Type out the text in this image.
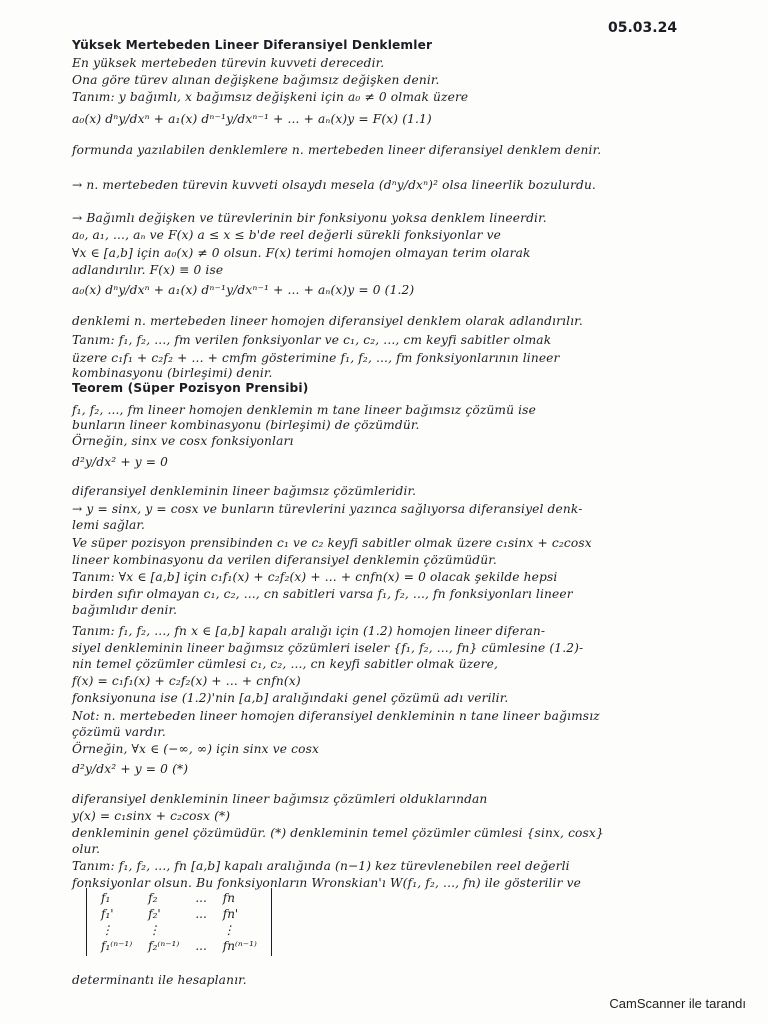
05.03.24
Yüksek Mertebeden Lineer Diferansiyel Denklemler
En yüksek mertebeden türevin kuvveti derecedir.
Ona göre türev alınan değişkene bağımsız değişken denir.
Tanım: y bağımlı, x bağımsız değişkeni için a₀ ≠ 0 olmak üzere
a₀(x) dⁿy/dxⁿ + a₁(x) dⁿ⁻¹y/dxⁿ⁻¹ + ... + aₙ(x)y = F(x) (1.1)
formunda yazılabilen denklemlere n. mertebeden lineer diferansiyel denklem denir.
→ n. mertebeden türevin kuvveti olsaydı mesela (dⁿy/dxⁿ)² olsa lineerlik bozulurdu.
→ Bağımlı değişken ve türevlerinin bir fonksiyonu yoksa denklem lineerdir.
a₀, a₁, ..., aₙ ve F(x) a ≤ x ≤ b'de reel değerli sürekli fonksiyonlar ve
∀x ∈ [a,b] için a₀(x) ≠ 0 olsun. F(x) terimi homojen olmayan terim olarak
adlandırılır. F(x) ≡ 0 ise
a₀(x) dⁿy/dxⁿ + a₁(x) dⁿ⁻¹y/dxⁿ⁻¹ + ... + aₙ(x)y = 0 (1.2)
denklemi n. mertebeden lineer homojen diferansiyel denklem olarak adlandırılır.
Tanım: f₁, f₂, ..., fm verilen fonksiyonlar ve c₁, c₂, ..., cm keyfi sabitler olmak
üzere c₁f₁ + c₂f₂ + ... + cmfm gösterimine f₁, f₂, ..., fm fonksiyonlarının lineer
kombinasyonu (birleşimi) denir.
Teorem (Süper Pozisyon Prensibi)
f₁, f₂, ..., fm lineer homojen denklemin m tane lineer bağımsız çözümü ise
bunların lineer kombinasyonu (birleşimi) de çözümdür.
Örneğin, sinx ve cosx fonksiyonları
d²y/dx² + y = 0
diferansiyel denkleminin lineer bağımsız çözümleridir.
→ y = sinx, y = cosx ve bunların türevlerini yazınca sağlıyorsa diferansiyel denk-
lemi sağlar.
Ve süper pozisyon prensibinden c₁ ve c₂ keyfi sabitler olmak üzere c₁sinx + c₂cosx
lineer kombinasyonu da verilen diferansiyel denklemin çözümüdür.
Tanım: ∀x ∈ [a,b] için c₁f₁(x) + c₂f₂(x) + ... + cnfn(x) = 0 olacak şekilde hepsi
birden sıfır olmayan c₁, c₂, ..., cn sabitleri varsa f₁, f₂, ..., fn fonksiyonları lineer
bağımlıdır denir.
Tanım: f₁, f₂, ..., fn x ∈ [a,b] kapalı aralığı için (1.2) homojen lineer diferan-
siyel denkleminin lineer bağımsız çözümleri iseler {f₁, f₂, ..., fn} cümlesine (1.2)-
nin temel çözümler cümlesi c₁, c₂, ..., cn keyfi sabitler olmak üzere,
f(x) = c₁f₁(x) + c₂f₂(x) + ... + cnfn(x)
fonksiyonuna ise (1.2)'nin [a,b] aralığındaki genel çözümü adı verilir.
Not: n. mertebeden lineer homojen diferansiyel denkleminin n tane lineer bağımsız
çözümü vardır.
Örneğin, ∀x ∈ (−∞, ∞) için sinx ve cosx
d²y/dx² + y = 0 (*)
diferansiyel denkleminin lineer bağımsız çözümleri olduklarından
y(x) = c₁sinx + c₂cosx (*)
denkleminin genel çözümüdür. (*) denkleminin temel çözümler cümlesi {sinx, cosx}
olur.
Tanım: f₁, f₂, ..., fn [a,b] kapalı aralığında (n−1) kez türevlenebilen reel değerli
fonksiyonlar olsun. Bu fonksiyonların Wronskian'ı W(f₁, f₂, ..., fn) ile gösterilir ve
f₁	f₂	...	fn
f₁'	f₂'	...	fn'
⋮	⋮		⋮
f₁⁽ⁿ⁻¹⁾	f₂⁽ⁿ⁻¹⁾	...	fn⁽ⁿ⁻¹⁾
determinantı ile hesaplanır.
CamScanner ile tarandı
